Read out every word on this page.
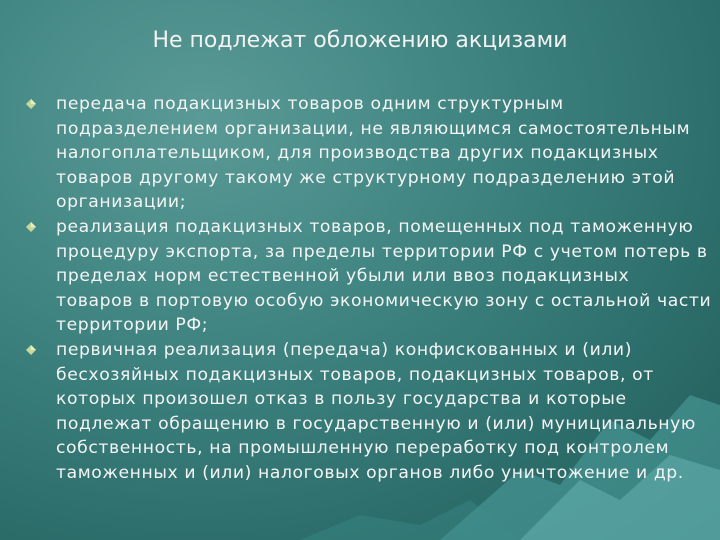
Не подлежат обложению акцизами
передача подакцизных товаров одним структурным подразделением организации, не являющимся самостоятельным налогоплательщиком, для производства других подакцизных товаров другому такому же структурному подразделению этой организации;
реализация подакцизных товаров, помещенных под таможенную процедуру экспорта, за пределы территории РФ с учетом потерь в пределах норм естественной убыли или ввоз подакцизных товаров в портовую особую экономическую зону с остальной части территории РФ;
первичная реализация (передача) конфискованных и (или) бесхозяйных подакцизных товаров, подакцизных товаров, от которых произошел отказ в пользу государства и которые подлежат обращению в государственную и (или) муниципальную собственность, на промышленную переработку под контролем таможенных и (или) налоговых органов либо уничтожение и др.
